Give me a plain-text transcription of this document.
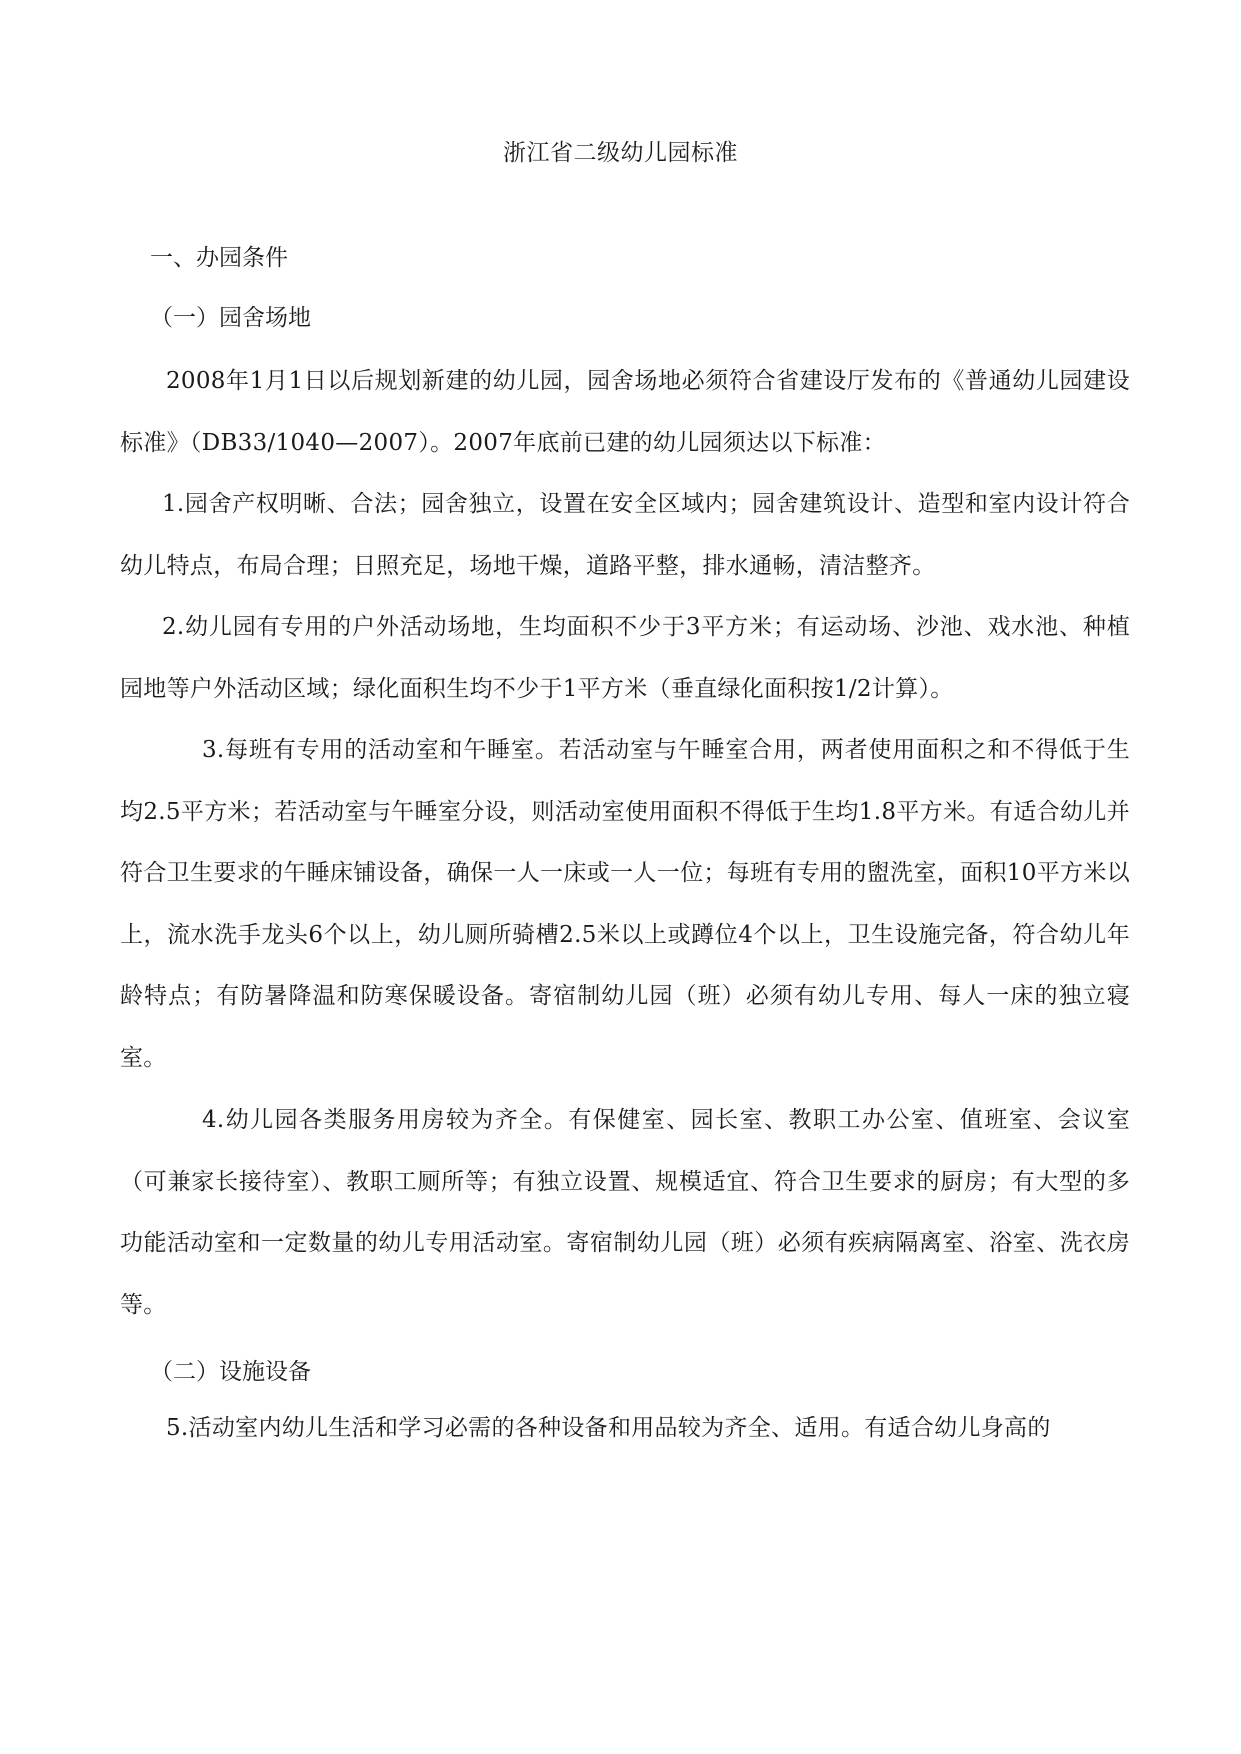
浙江省二级幼儿园标准
一、办园条件
（一）园舍场地
2008年1月1日以后规划新建的幼儿园，园舍场地必须符合省建设厅发布的《普通幼儿园建设标准》（DB33/1040—2007）。2007年底前已建的幼儿园须达以下标准：
1.园舍产权明晰、合法；园舍独立，设置在安全区域内；园舍建筑设计、造型和室内设计符合幼儿特点，布局合理；日照充足，场地干燥，道路平整，排水通畅，清洁整齐。
2.幼儿园有专用的户外活动场地，生均面积不少于3平方米；有运动场、沙池、戏水池、种植园地等户外活动区域；绿化面积生均不少于1平方米（垂直绿化面积按1/2计算）。
3.每班有专用的活动室和午睡室。若活动室与午睡室合用，两者使用面积之和不得低于生均2.5平方米；若活动室与午睡室分设，则活动室使用面积不得低于生均1.8平方米。有适合幼儿并符合卫生要求的午睡床铺设备，确保一人一床或一人一位；每班有专用的盥洗室，面积10平方米以上，流水洗手龙头6个以上，幼儿厕所骑槽2.5米以上或蹲位4个以上，卫生设施完备，符合幼儿年龄特点；有防暑降温和防寒保暖设备。寄宿制幼儿园（班）必须有幼儿专用、每人一床的独立寝室。
4.幼儿园各类服务用房较为齐全。有保健室、园长室、教职工办公室、值班室、会议室（可兼家长接待室）、教职工厕所等；有独立设置、规模适宜、符合卫生要求的厨房；有大型的多功能活动室和一定数量的幼儿专用活动室。寄宿制幼儿园（班）必须有疾病隔离室、浴室、洗衣房等。
（二）设施设备
5.活动室内幼儿生活和学习必需的各种设备和用品较为齐全、适用。有适合幼儿身高的
